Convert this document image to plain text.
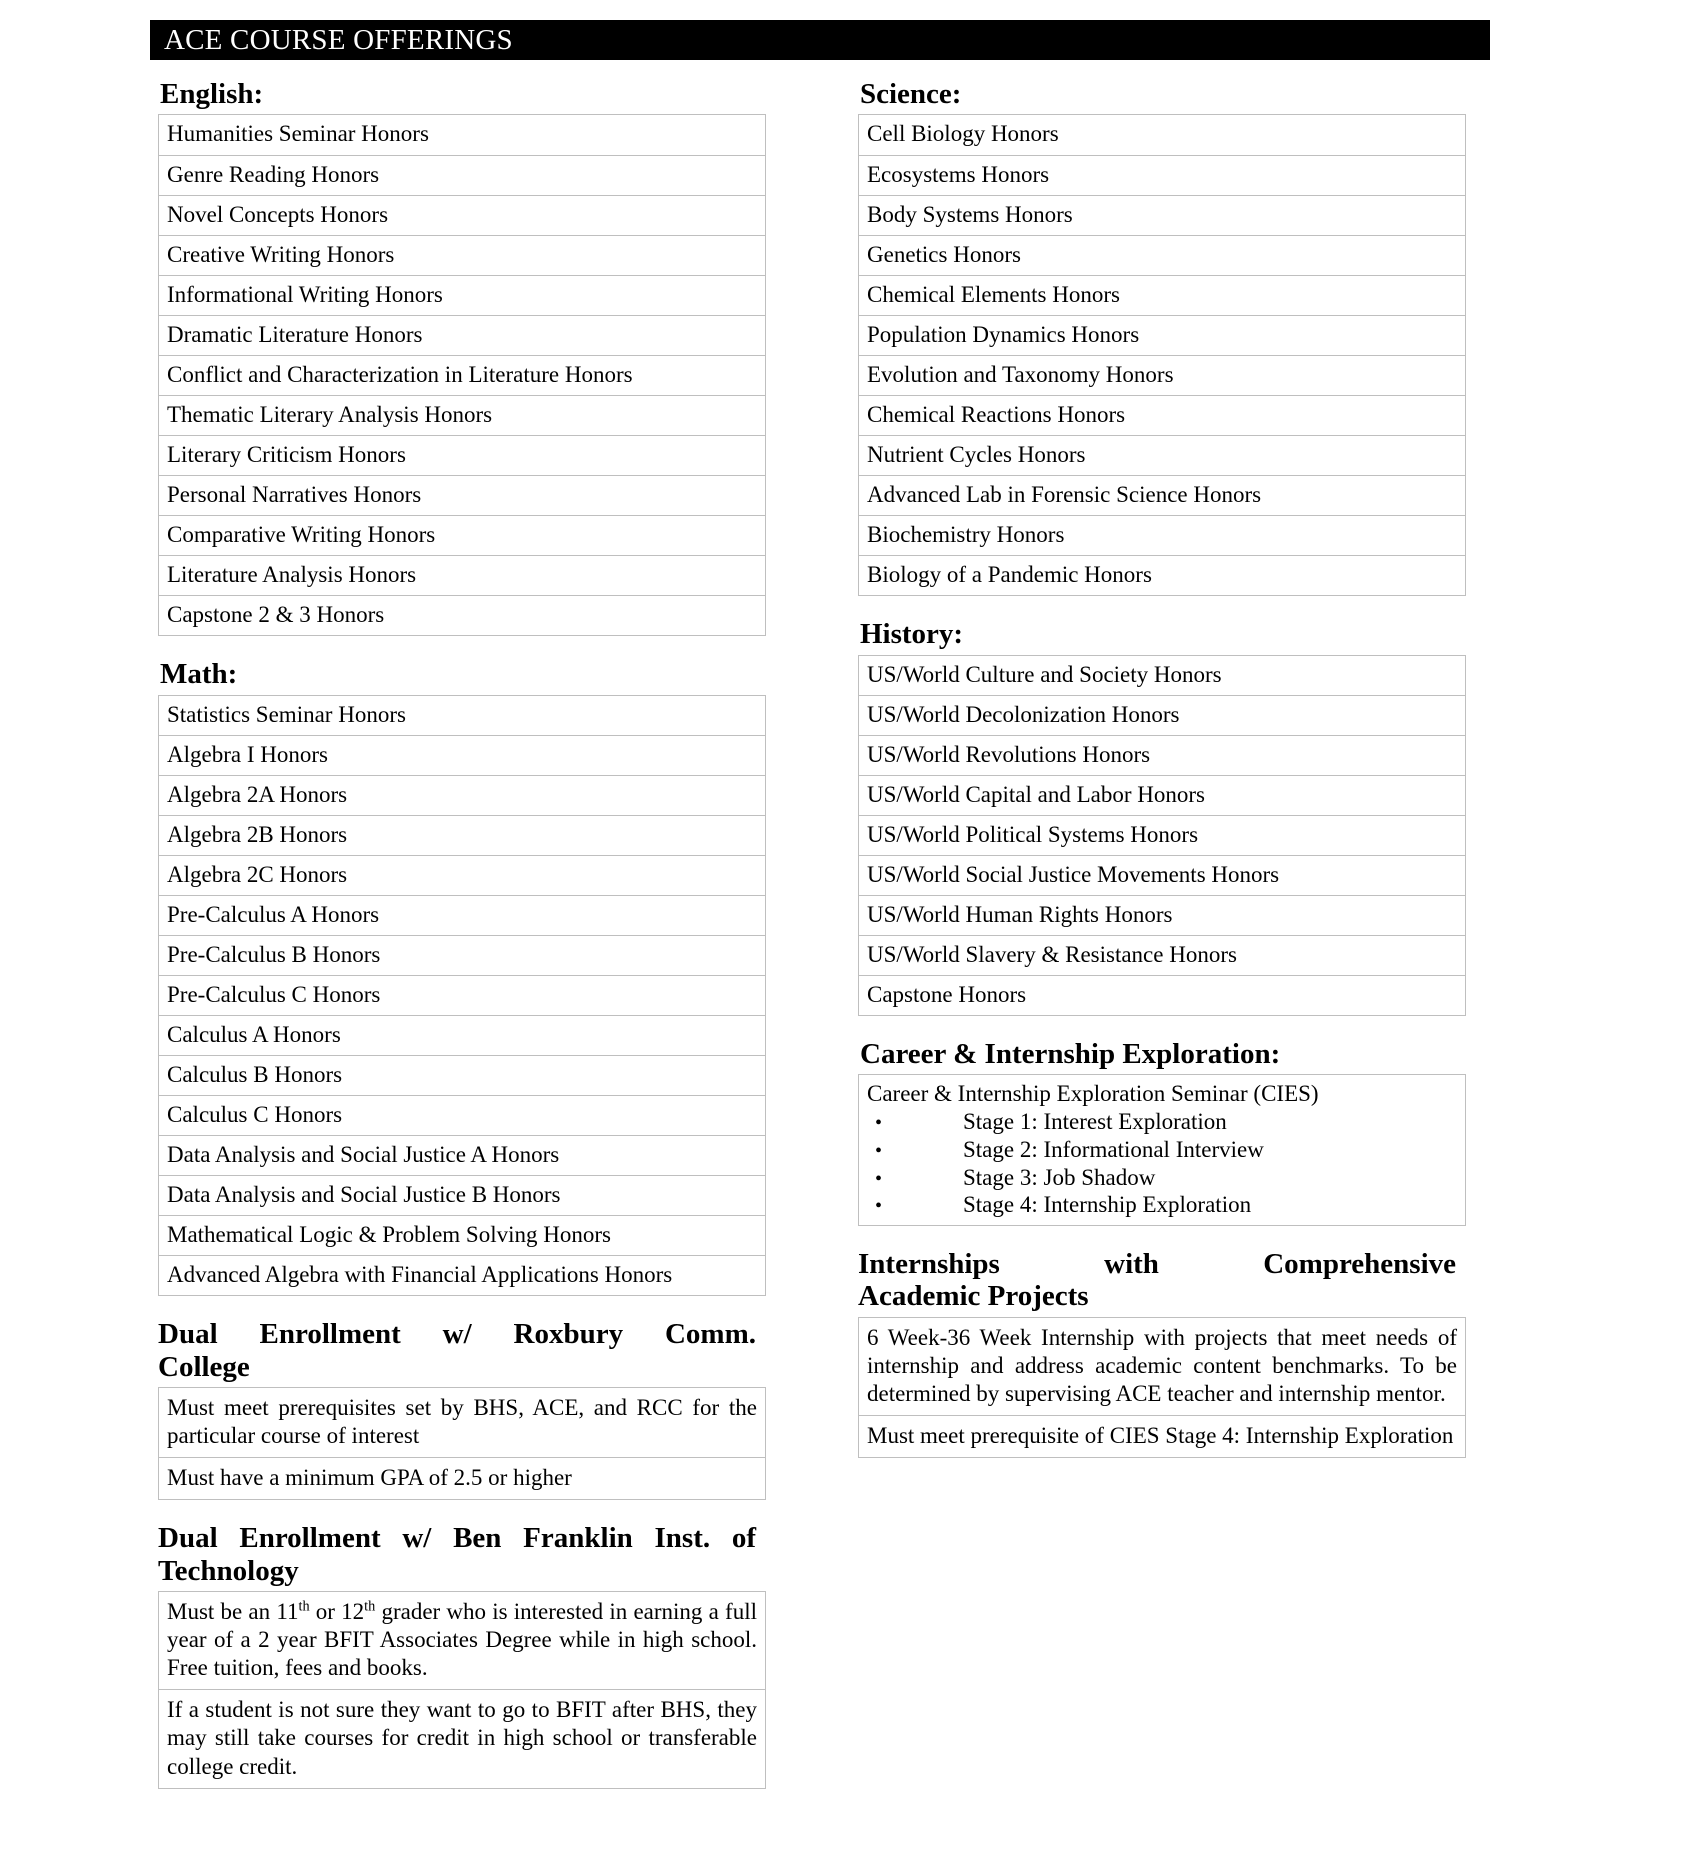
ACE COURSE OFFERINGS
English:
Humanities Seminar Honors
Genre Reading Honors
Novel Concepts Honors
Creative Writing Honors
Informational Writing Honors
Dramatic Literature Honors
Conflict and Characterization in Literature Honors
Thematic Literary Analysis Honors
Literary Criticism Honors
Personal Narratives Honors
Comparative Writing Honors
Literature Analysis Honors
Capstone 2 & 3 Honors
Math:
Statistics Seminar Honors
Algebra I Honors
Algebra 2A Honors
Algebra 2B Honors
Algebra 2C Honors
Pre-Calculus A Honors
Pre-Calculus B Honors
Pre-Calculus C Honors
Calculus A Honors
Calculus B Honors
Calculus C Honors
Data Analysis and Social Justice A Honors
Data Analysis and Social Justice B Honors
Mathematical Logic & Problem Solving Honors
Advanced Algebra with Financial Applications Honors
Dual Enrollment w/ Roxbury Comm.
College
Must meet prerequisites set by BHS, ACE, and RCC for the particular course of interest
Must have a minimum GPA of 2.5 or higher
Dual Enrollment w/ Ben Franklin Inst. of
Technology
Must be an 11th or 12th grader who is interested in earning a full year of a 2 year BFIT Associates Degree while in high school. Free tuition, fees and books.
If a student is not sure they want to go to BFIT after BHS, they may still take courses for credit in high school or transferable college credit.
Science:
Cell Biology Honors
Ecosystems Honors
Body Systems Honors
Genetics Honors
Chemical Elements Honors
Population Dynamics Honors
Evolution and Taxonomy Honors
Chemical Reactions Honors
Nutrient Cycles Honors
Advanced Lab in Forensic Science Honors
Biochemistry Honors
Biology of a Pandemic Honors
History:
US/World Culture and Society Honors
US/World Decolonization Honors
US/World Revolutions Honors
US/World Capital and Labor Honors
US/World Political Systems Honors
US/World Social Justice Movements Honors
US/World Human Rights Honors
US/World Slavery & Resistance Honors
Capstone Honors
Career & Internship Exploration:
Career & Internship Exploration Seminar (CIES)
•	Stage 1: Interest Exploration
•	Stage 2: Informational Interview
•	Stage 3: Job Shadow
•	Stage 4: Internship Exploration
Internships	with	Comprehensive
Academic Projects
6 Week-36 Week Internship with projects that meet needs of internship and address academic content benchmarks. To be determined by supervising ACE teacher and internship mentor.
Must meet prerequisite of CIES Stage 4: Internship Exploration
